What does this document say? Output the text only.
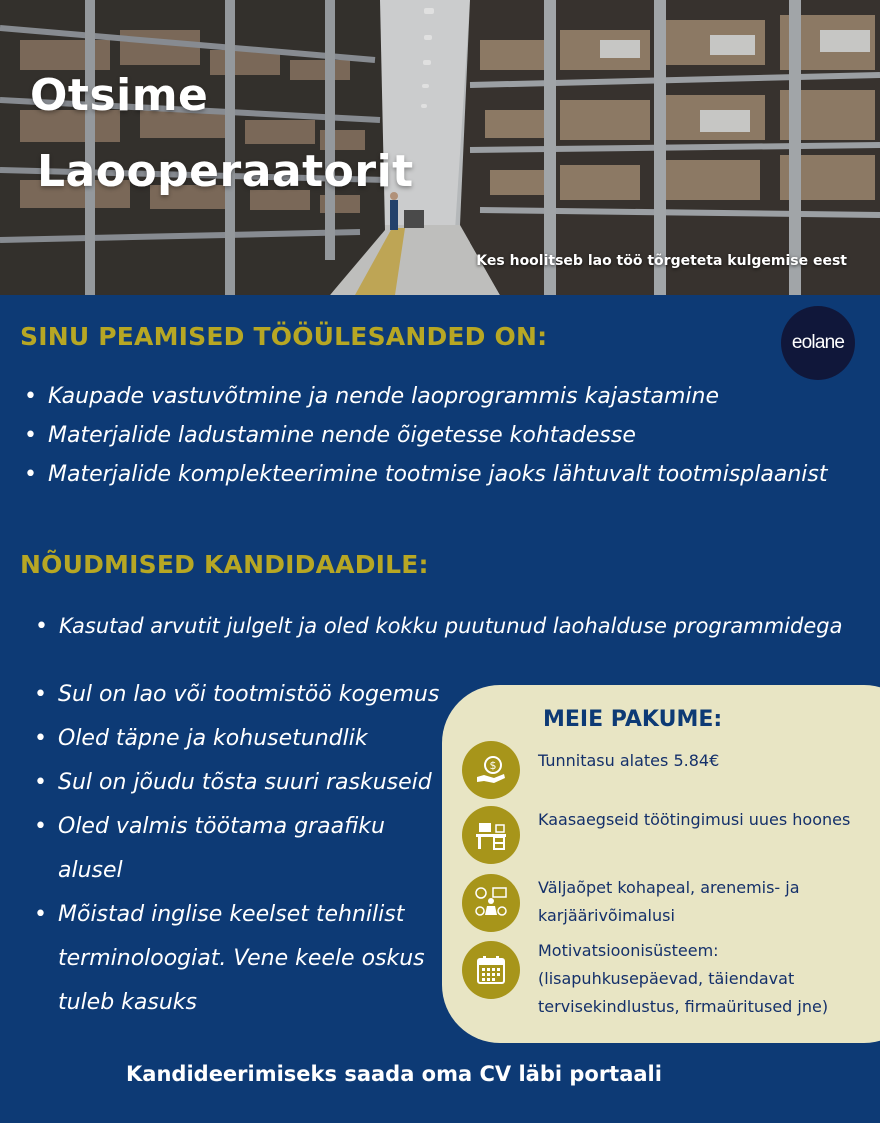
Otsime
Laooperaatorit
Kes hoolitseb lao töö tõrgeteta kulgemise eest
SINU PEAMISED TÖÖÜLESANDED ON:	eolane
• Kaupade vastuvõtmine ja nende laoprogrammis kajastamine
• Materjalide ladustamine nende õigetesse kohtadesse
• Materjalide komplekteerimine tootmise jaoks lähtuvalt tootmisplaanist
NÕUDMISED KANDIDAADILE:
• Kasutad arvutit julgelt ja oled kokku puutunud laohalduse programmidega
• Sul on lao või tootmistöö kogemus
• Oled täpne ja kohusetundlik
• Sul on jõudu tõsta suuri raskuseid
• Oled valmis töötama graafiku alusel
• Mõistad inglise keelset tehnilist terminoloogiat. Vene keele oskus tuleb kasuks
MEIE PAKUME:
$	Tunnitasu alates 5.84€
Kaasaegseid töötingimusi uues hoones
Väljaõpet kohapeal, arenemis- ja karjäärivõimalusi
Motivatsioonisüsteem: (lisapuhkusepäevad, täiendavat tervisekindlustus, firmaüritused jne)
Kandideerimiseks saada oma CV läbi portaali
